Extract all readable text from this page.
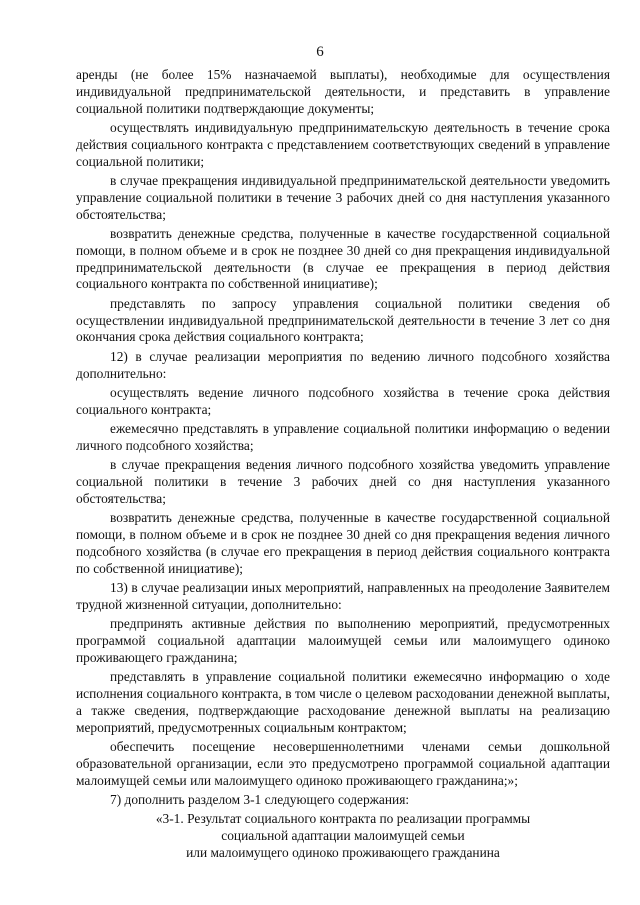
6

аренды (не более 15% назначаемой выплаты), необходимые для осуществления индивидуальной предпринимательской деятельности, и представить в управление социальной политики подтверждающие документы;

осуществлять индивидуальную предпринимательскую деятельность в течение срока действия социального контракта с представлением соответствующих сведений в управление социальной политики;

в случае прекращения индивидуальной предпринимательской деятельности уведомить управление социальной политики в течение 3 рабочих дней со дня наступления указанного обстоятельства;

возвратить денежные средства, полученные в качестве государственной социальной помощи, в полном объеме и в срок не позднее 30 дней со дня прекращения индивидуальной предпринимательской деятельности (в случае ее прекращения в период действия социального контракта по собственной инициативе);

представлять по запросу управления социальной политики сведения об осуществлении индивидуальной предпринимательской деятельности в течение 3 лет со дня окончания срока действия социального контракта;

12) в случае реализации мероприятия по ведению личного подсобного хозяйства дополнительно:

осуществлять ведение личного подсобного хозяйства в течение срока действия социального контракта;

ежемесячно представлять в управление социальной политики информацию о ведении личного подсобного хозяйства;

в случае прекращения ведения личного подсобного хозяйства уведомить управление социальной политики в течение 3 рабочих дней со дня наступления указанного обстоятельства;

возвратить денежные средства, полученные в качестве государственной социальной помощи, в полном объеме и в срок не позднее 30 дней со дня прекращения ведения личного подсобного хозяйства (в случае его прекращения в период действия социального контракта по собственной инициативе);

13) в случае реализации иных мероприятий, направленных на преодоление Заявителем трудной жизненной ситуации, дополнительно:

предпринять активные действия по выполнению мероприятий, предусмотренных программой социальной адаптации малоимущей семьи или малоимущего одиноко проживающего гражданина;

представлять в управление социальной политики ежемесячно информацию о ходе исполнения социального контракта, в том числе о целевом расходовании денежной выплаты, а также сведения, подтверждающие расходование денежной выплаты на реализацию мероприятий, предусмотренных социальным контрактом;

обеспечить посещение несовершеннолетними членами семьи дошкольной образовательной организации, если это предусмотрено программой социальной адаптации малоимущей семьи или малоимущего одиноко проживающего гражданина;»;

7) дополнить разделом 3-1 следующего содержания:

«3-1. Результат социального контракта по реализации программы
социальной адаптации малоимущей семьи
или малоимущего одиноко проживающего гражданина
